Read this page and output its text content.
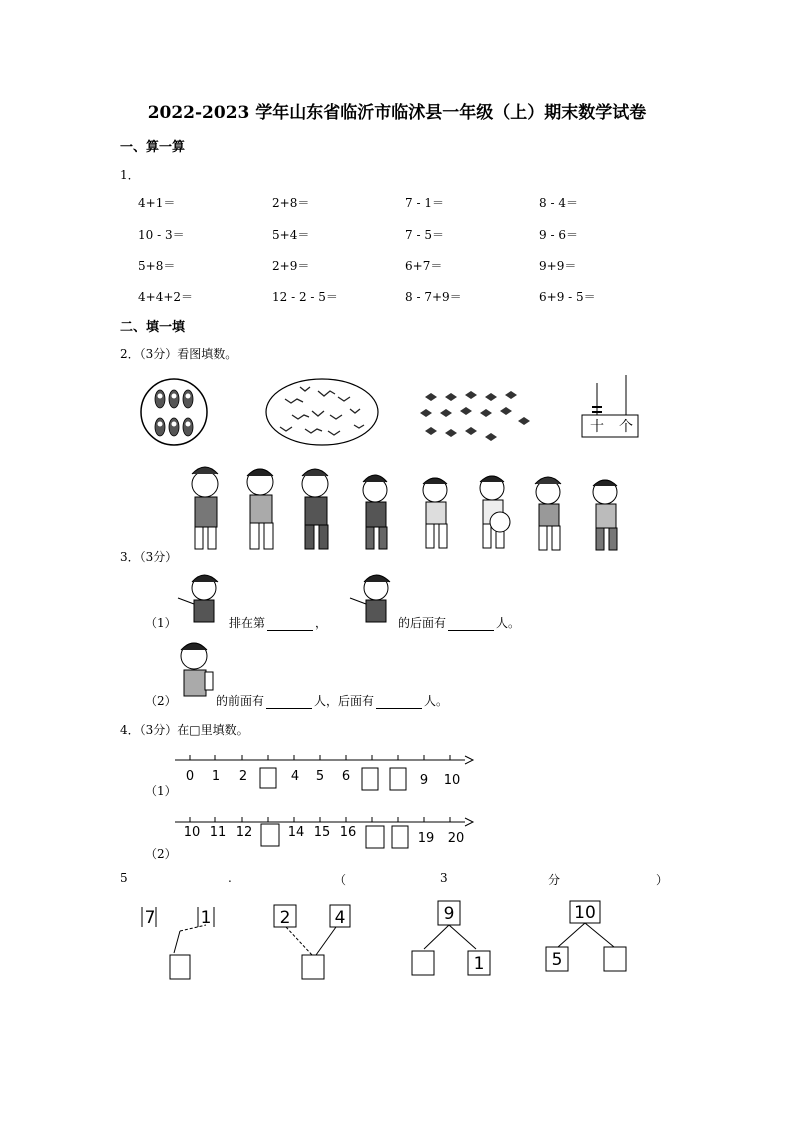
2022-2023 学年山东省临沂市临沭县一年级（上）期末数学试卷
一、算一算
1．
4+1＝	2+8＝	7 - 1＝	8 - 4＝
10 - 3＝	5+4＝	7 - 5＝	9 - 6＝
5+8＝	2+9＝	6+7＝	9+9＝
4+4+2＝	12 - 2 - 5＝	8 - 7+9＝	6+9 - 5＝
二、填一填
2．（3分）看图填数。
十 个
3．（3分）
（1）	排在第	，	的后面有	人。
（2）	的前面有	人，后面有	人。
4．（3分）在□里填数。
0 1 2	4 5 6	9 10
（1）
10 11 12	14 15 16	19 20
（2）
5	.	（	3	分	）
7	1	2	4	9
1
10
5
